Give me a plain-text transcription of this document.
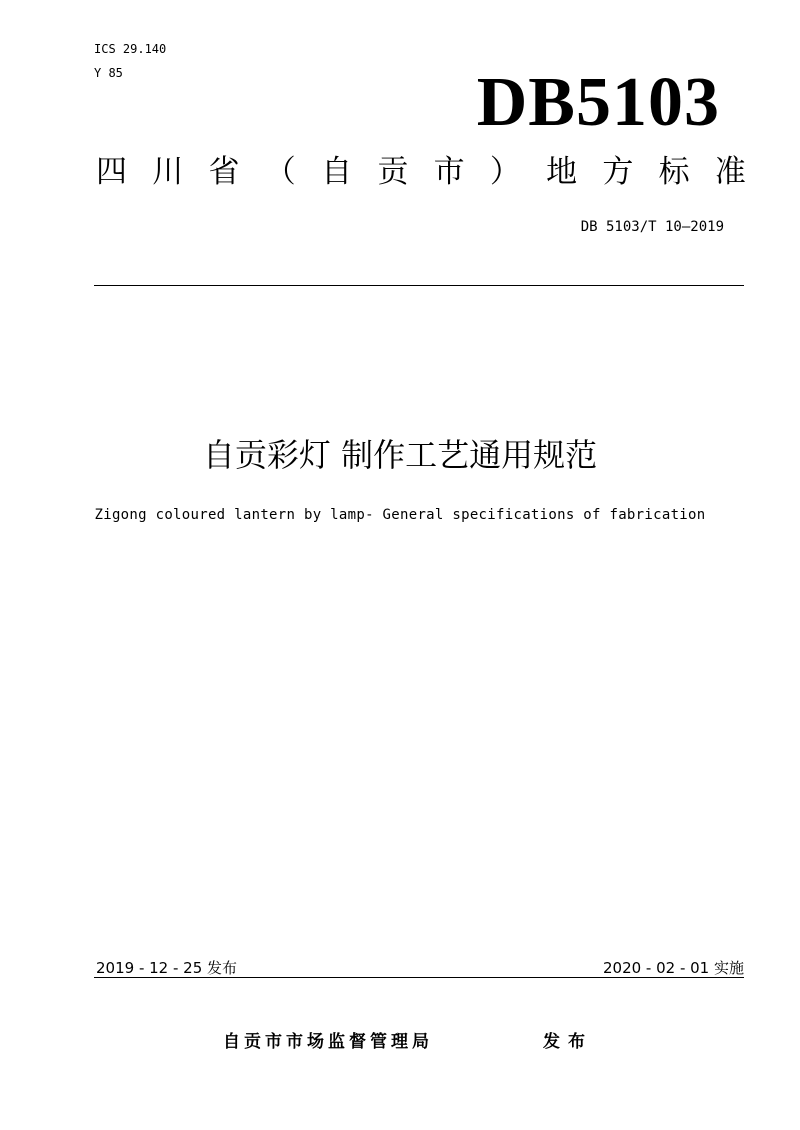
ICS 29.140
Y 85	DB5103
四 川 省 （ 自 贡 市 ） 地 方 标 准
DB 5103/T 10—2019
自贡彩灯 制作工艺通用规范
Zigong coloured lantern by lamp- General specifications of fabrication
2019 - 12 - 25 发布	2020 - 02 - 01 实施
自贡市市场监督管理局	发布
